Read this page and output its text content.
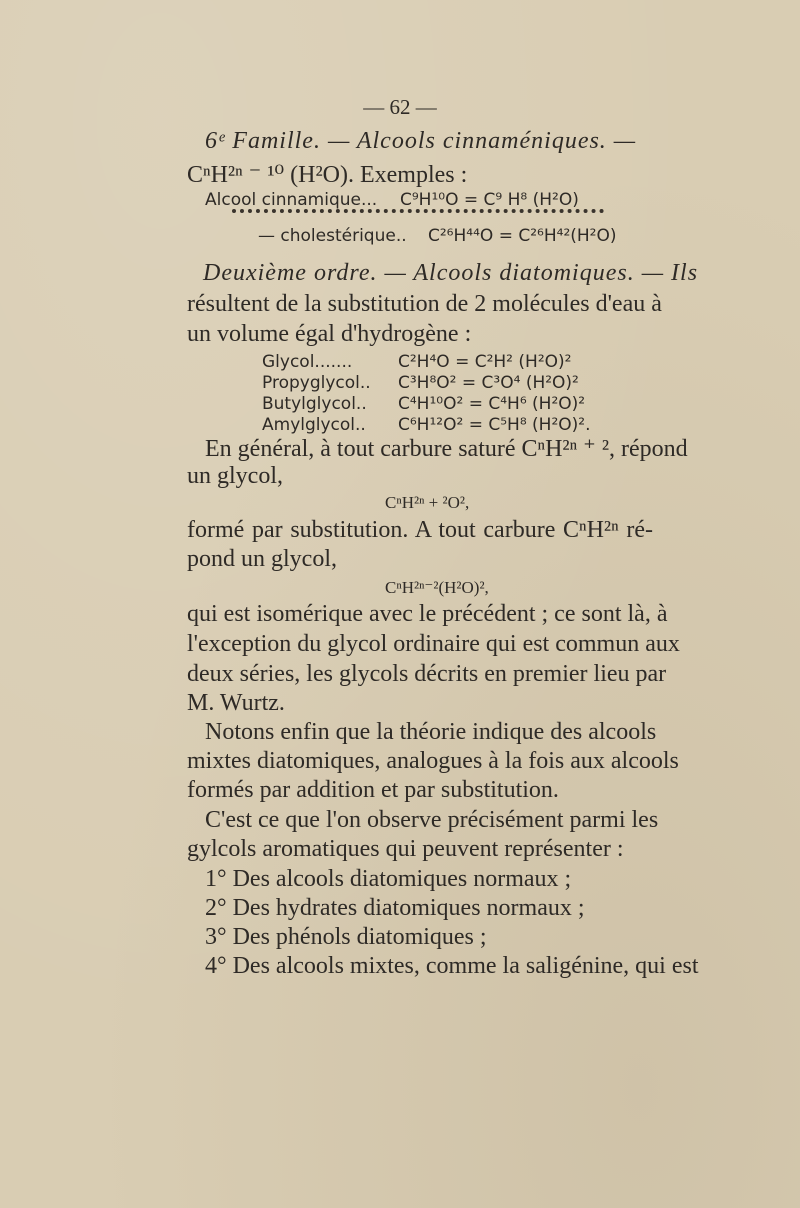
— 62 —
6ᵉ Famille. — Alcools cinnaméniques. —
CⁿH²ⁿ ⁻ ¹⁰ (H²O). Exemples :
Alcool cinnamique... C⁹H¹⁰O = C⁹ H⁸ (H²O)
— cholestérique.. C²⁶H⁴⁴O = C²⁶H⁴²(H²O)
Deuxième ordre. — Alcools diatomiques. — Ils
résultent de la substitution de 2 molécules d'eau à
un volume égal d'hydrogène :
Glycol.......	C²H⁴O = C²H² (H²O)²
Propyglycol.. C³H⁸O² = C³O⁴ (H²O)²
Butylglycol.. C⁴H¹⁰O² = C⁴H⁶ (H²O)²
Amylglycol.. C⁶H¹²O² = C⁵H⁸ (H²O)².
En général, à tout carbure saturé CⁿH²ⁿ ⁺ ², répond
un glycol,
CⁿH²ⁿ + ²O²,
formé par substitution. A tout carbure CⁿH²ⁿ ré-
pond un glycol,
CⁿH²ⁿ⁻²(H²O)²,
qui est isomérique avec le précédent ; ce sont là, à
l'exception du glycol ordinaire qui est commun aux
deux séries, les glycols décrits en premier lieu par
M. Wurtz.
Notons enfin que la théorie indique des alcools
mixtes diatomiques, analogues à la fois aux alcools
formés par addition et par substitution.
C'est ce que l'on observe précisément parmi les
gylcols aromatiques qui peuvent représenter :
1° Des alcools diatomiques normaux ;
2° Des hydrates diatomiques normaux ;
3° Des phénols diatomiques ;
4° Des alcools mixtes, comme la saligénine, qui est
